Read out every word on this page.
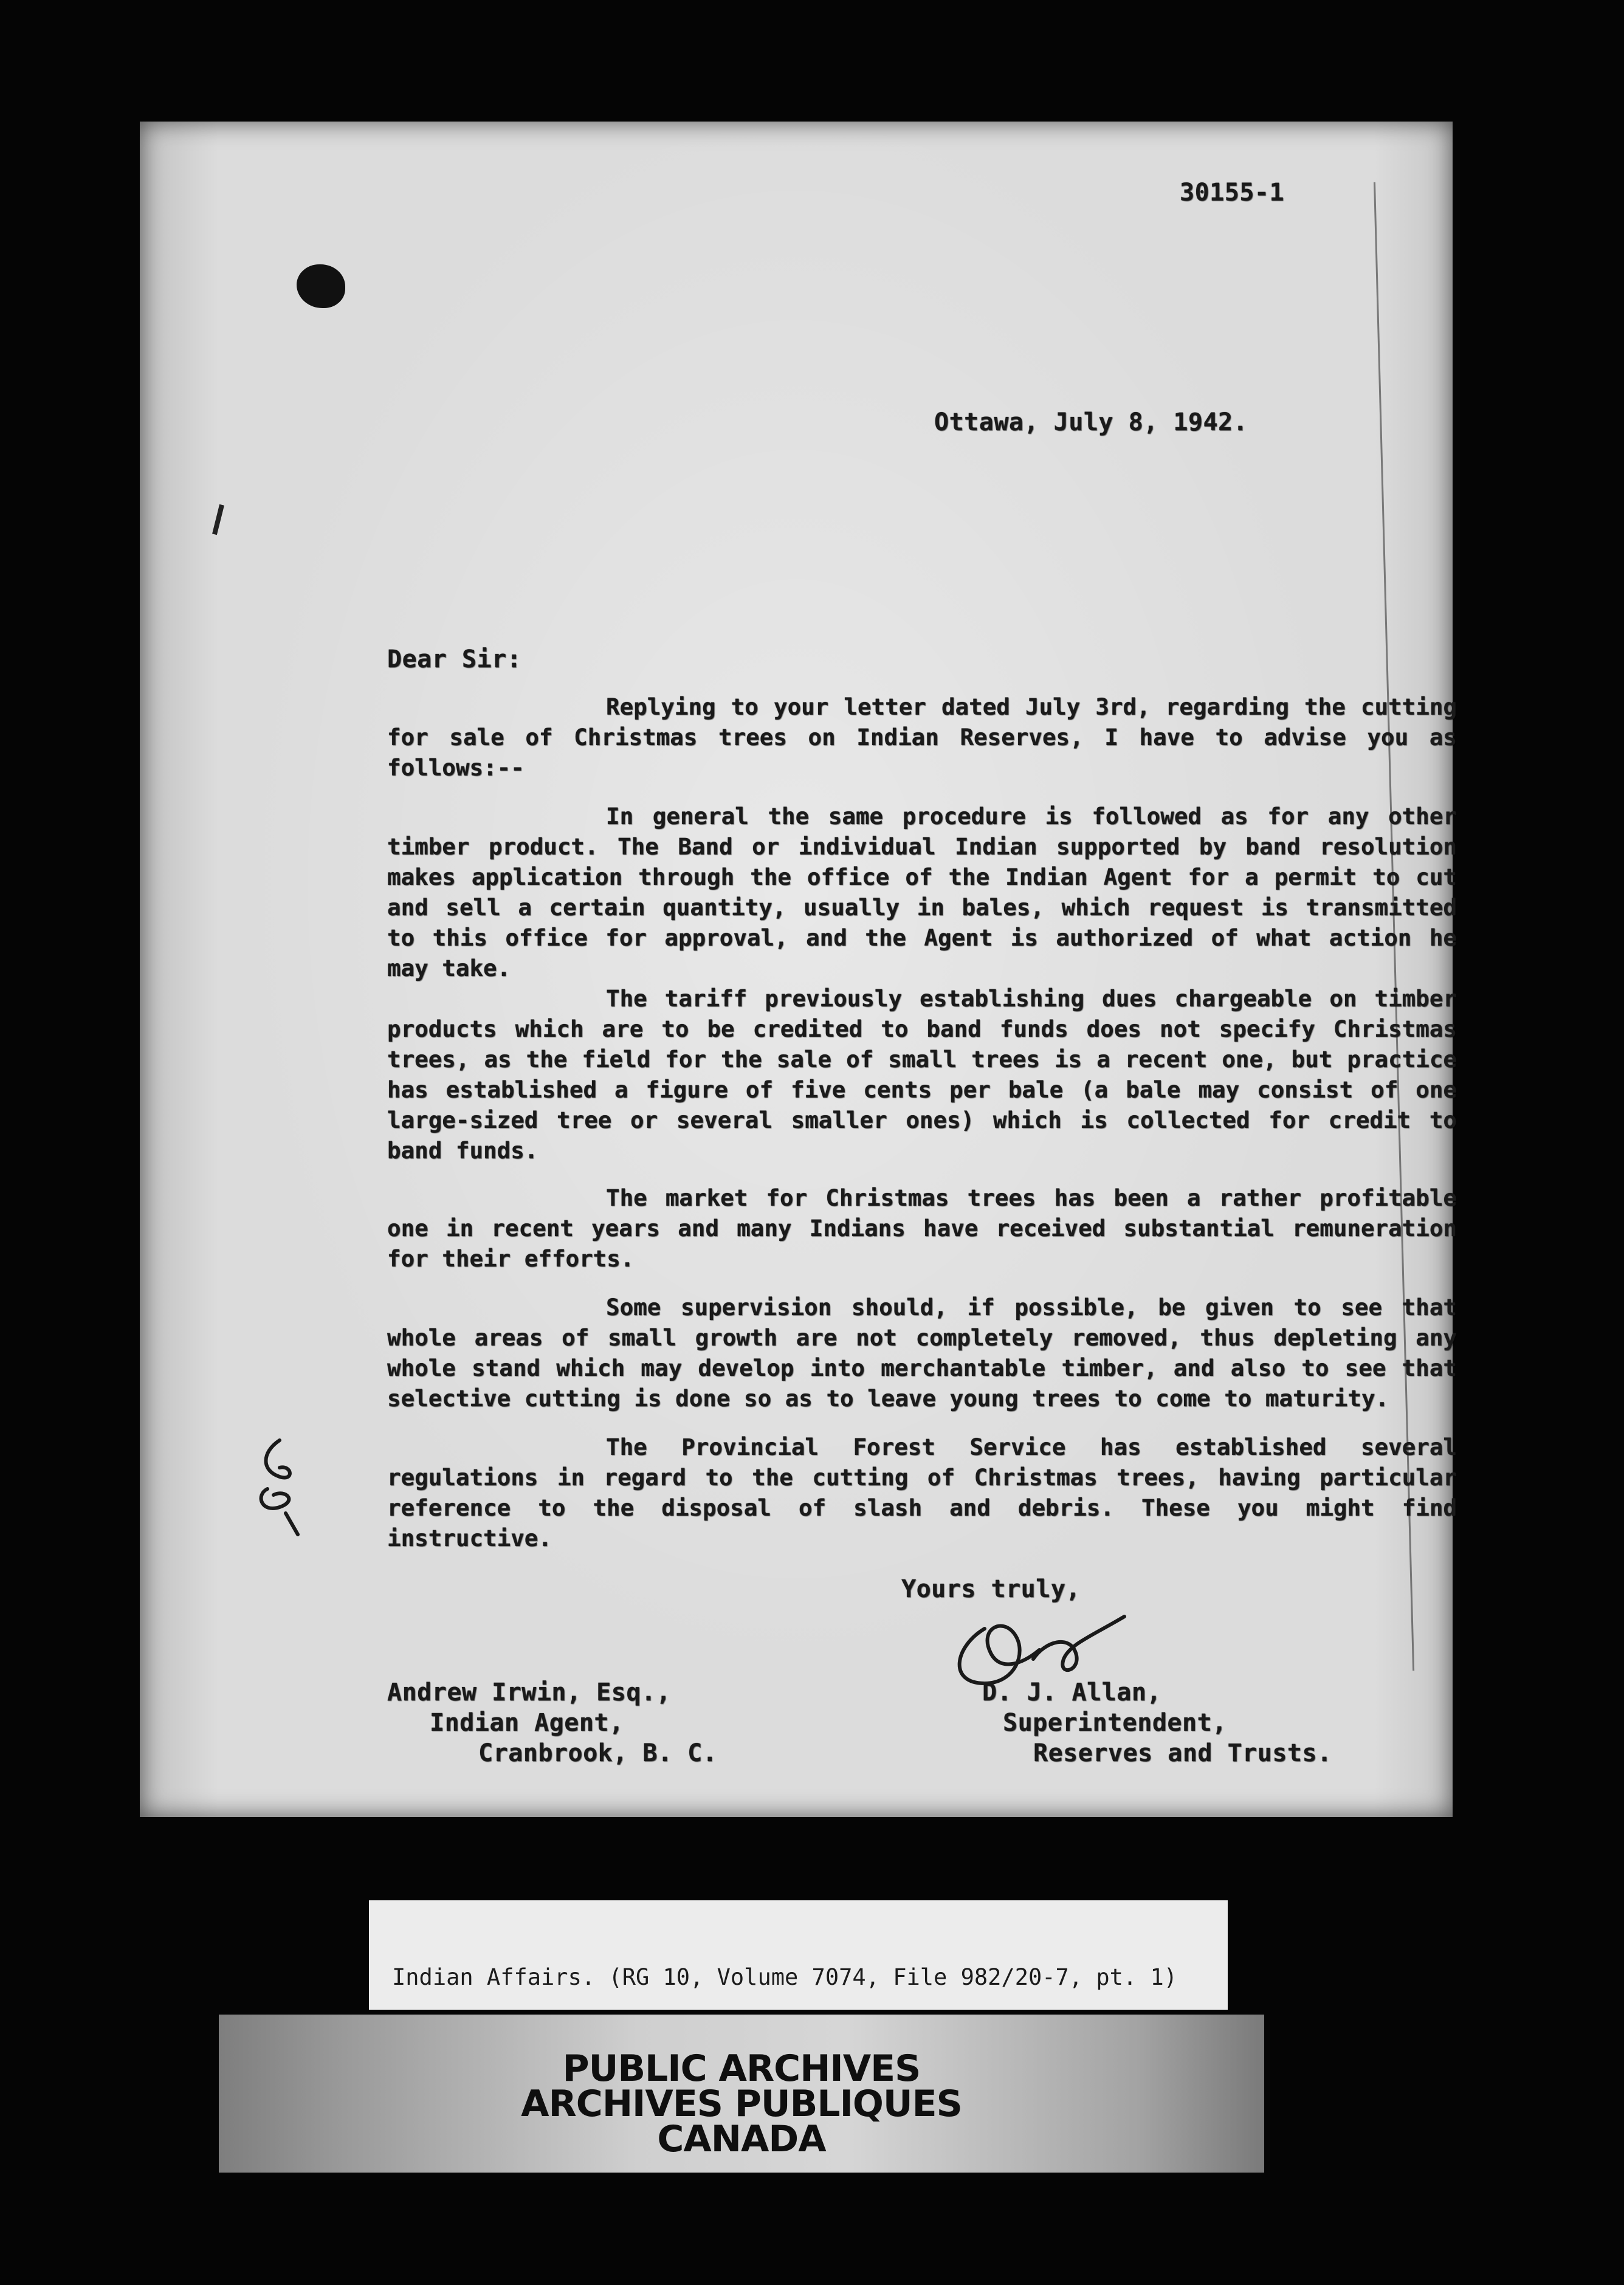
30155-1
Ottawa, July 8, 1942.
Dear Sir:
Replying to your letter dated July 3rd, regarding the cutting for sale of Christmas trees on Indian Reserves, I have to advise you as follows:--
In general the same procedure is followed as for any other timber product. The Band or individual Indian supported by band resolution makes application through the office of the Indian Agent for a permit to cut and sell a certain quantity, usually in bales, which request is transmitted to this office for approval, and the Agent is authorized of what action he may take.
The tariff previously establishing dues chargeable on timber products which are to be credited to band funds does not specify Christmas trees, as the field for the sale of small trees is a recent one, but practice has established a figure of five cents per bale (a bale may consist of one large-sized tree or several smaller ones) which is collected for credit to band funds.
The market for Christmas trees has been a rather profitable one in recent years and many Indians have received substantial remuneration for their efforts.
Some supervision should, if possible, be given to see that whole areas of small growth are not completely removed, thus depleting any whole stand which may develop into merchantable timber, and also to see that selective cutting is done so as to leave young trees to come to maturity.
The Provincial Forest Service has established several regulations in regard to the cutting of Christmas trees, having particular reference to the disposal of slash and debris. These you might find instructive.
Yours truly,
Andrew Irwin, Esq.,
Indian Agent,
Cranbrook, B. C.
D. J. Allan,
Superintendent,
Reserves and Trusts.
Indian Affairs. (RG 10, Volume 7074, File 982/20-7, pt. 1)
PUBLIC ARCHIVES
ARCHIVES PUBLIQUES
CANADA
